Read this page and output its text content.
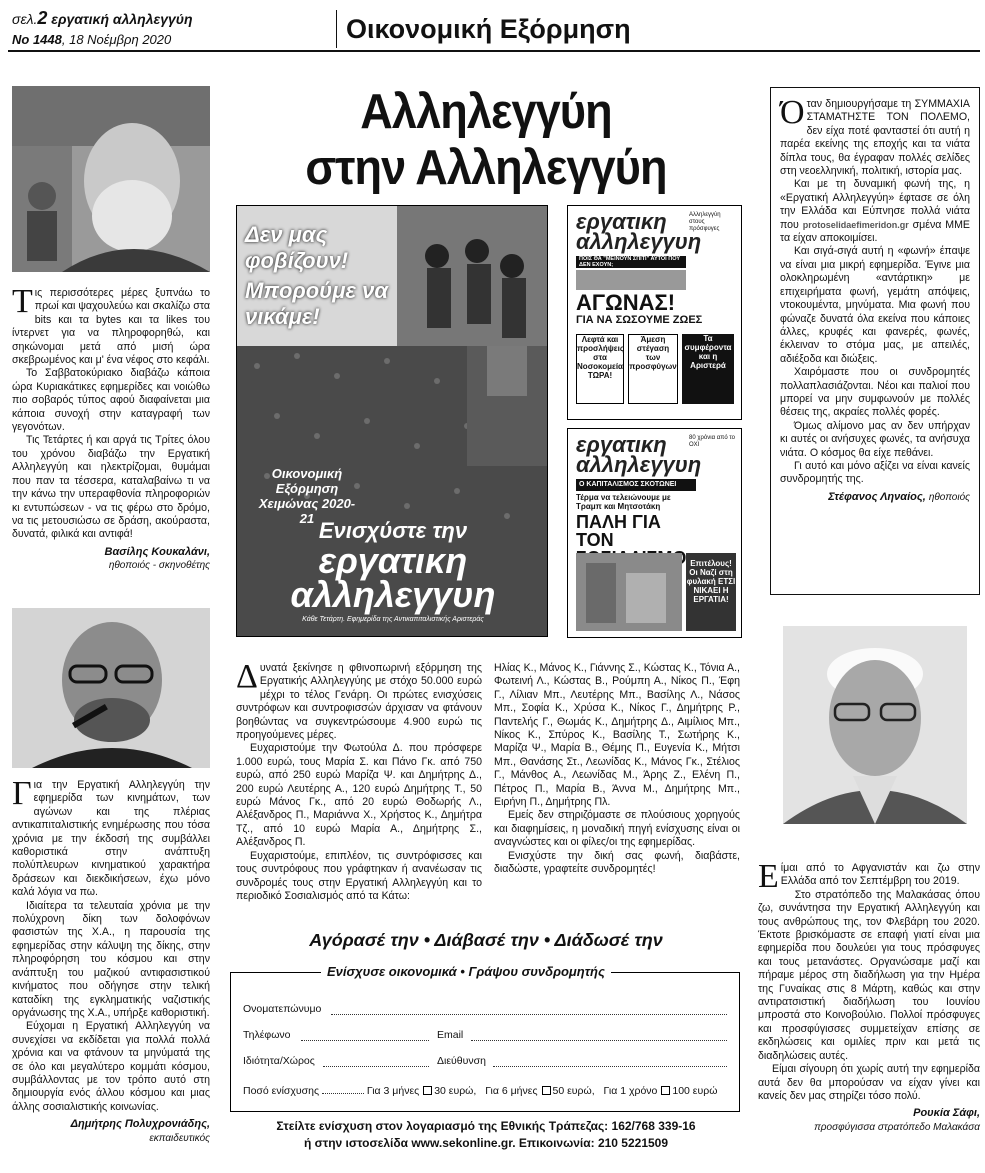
σελ.2 εργατική αλληλεγγύη
Νο 1448, 18 Νοέμβρη 2020	Οικονομική Εξόρμηση

Τις περισσότερες μέρες ξυπνάω το πρωί και ψαχουλεύω και σκαλίζω στα bits και τα bytes και τα likes του ίντερνετ για να πληροφορηθώ, και σηκώνομαι μετά από μισή ώρα σκεβρωμένος και μ' ένα νέφος στο κεφάλι.

Το Σαββατοκύριακο διαβάζω κάποια ώρα Κυριακάτικες εφημερίδες και νοιώθω πιο σοβαρός τύπος αφού διαφαίνεται μια κάποια συνοχή στην καταγραφή των γεγονότων.

Τις Τετάρτες ή και αργά τις Τρίτες όλου του χρόνου διαβάζω την Εργατική Αλληλεγγύη και ηλεκτρίζομαι, θυμάμαι που παν τα τέσσερα, καταλαβαίνω τι να την κάνω την υπεραφθονία πληροφοριών κι εντυπώσεων - να τις φέρω στο δρόμο, να τις μετουσιώσω σε δράση, ακούραστα, δυνατά, φιλικά και αντιφά!

Βασίλης Κουκαλάνι,
ηθοποιός - σκηνοθέτης

Για την Εργατική Αλληλεγγύη την εφημερίδα των κινημάτων, των αγώνων και της πλέριας αντικαπιταλιστικής ενημέρωσης που τόσα χρόνια με την έκδοσή της συμβάλλει καθοριστικά στην ανάπτυξη πολύπλευρων κινηματικού χαρακτήρα δράσεων και διεκδικήσεων, έχω μόνο καλά λόγια να πω.

Ιδιαίτερα τα τελευταία χρόνια με την πολύχρονη δίκη των δολοφόνων φασιστών της Χ.Α., η παρουσία της εφημερίδας στην κάλυψη της δίκης, στην πληροφόρηση του κόσμου και στην ανάπτυξη του μαζικού αντιφασιστικού κινήματος που οδήγησε στην τελική καταδίκη της εγκληματικής ναζιστικής οργάνωσης της Χ.Α., υπήρξε καθοριστική.

Εύχομαι η Εργατική Αλληλεγγύη να συνεχίσει να εκδίδεται για πολλά πολλά χρόνια και να φτάνουν τα μηνύματά της σε όλο και μεγαλύτερο κομμάτι κόσμου, συμβάλλοντας με τον τρόπο αυτό στη δημιουργία ενός άλλου κόσμου και μιας άλλης σοσιαλιστικής κοινωνίας.

Δημήτρης Πολυχρονιάδης,
εκπαιδευτικός
Αλληλεγγύη
στην Αλληλεγγύη
Δεν μας φοβίζουν!
Μπορούμε να νικάμε!
Οικονομική Εξόρμηση Χειμώνας 2020-21 Ενισχύστε την
εργατικη αλληλεγγυη
Κάθε Τετάρτη. Εφημερίδα της Αντικαπιταλιστικής Αριστεράς
εργατικη αλληλεγγυη
Αλληλεγγύη στους πρόσφυγες
ΠΟΙΣ ΘΑ "ΜΕΙΝΟΥΝ ΣΠΙΤΙ" ΑΥΤΟΙ ΠΟΥ ΔΕΝ ΕΧΟΥΝ;
ΑΓΩΝΑΣ!
ΓΙΑ ΝΑ ΣΩΣΟΥΜΕ ΖΩΕΣ
Λεφτά και προσλήψεις στα Νοσοκομεία ΤΩΡΑ!
Άμεση στέγαση των προσφύγων
Τα συμφέροντα και η Αριστερά
εργατικη αλληλεγγυη
80 χρόνια από το ΟΧΙ
Ο ΚΑΠΙΤΑΛΙΣΜΟΣ ΣΚΟΤΩΝΕΙ
Τέρμα να τελειώνουμε με Τραμπ και Μητσοτάκη
ΠΑΛΗ ΓΙΑ ΤΟΝ
Επιτέλους! Οι Ναζί στη φυλακή ΕΤΣΙ ΝΙΚΑΕΙ Η ΕΡΓΑΤΙΑ!

Δυνατά ξεκίνησε η φθινοπωρινή εξόρμηση της Εργατικής Αλληλεγγύης με στόχο 50.000 ευρώ μέχρι το τέλος Γενάρη. Οι πρώτες ενισχύσεις συντρόφων και συντροφισσών άρχισαν να φτάνουν βοηθώντας να συγκεντρώσουμε 4.900 ευρώ τις προηγούμενες μέρες.

Ευχαριστούμε την Φωτούλα Δ. που πρόσφερε 1.000 ευρώ, τους Μαρία Σ. και Πάνο Γκ. από 750 ευρώ, από 250 ευρώ Μαρίζα Ψ. και Δημήτρης Δ., 200 ευρώ Λευτέρης Α., 120 ευρώ Δημήτρης Τ., 50 ευρώ Μάνος Γκ., από 20 ευρώ Θοδωρής Λ., Αλέξανδρος Π., Μαριάννα Χ., Χρήστος Κ., Δημήτρα Τζ., από 10 ευρώ Μαρία Α., Δημήτρης Σ., Αλέξανδρος Π.

Ευχαριστούμε, επιπλέον, τις συντρόφισσες και τους συντρόφους που γράφτηκαν ή ανανέωσαν τις συνδρομές τους στην Εργατική Αλληλεγγύη και το περιοδικό Σοσιαλισμός από τα Κάτω:

Ηλίας Κ., Μάνος Κ., Γιάννης Σ., Κώστας Κ., Τόνια Α., Φωτεινή Λ., Κώστας Β., Ρούμπη Α., Νίκος Π., Έφη Γ., Λίλιαν Μπ., Λευτέρης Μπ., Βασίλης Λ., Νάσος Μπ., Σοφία Κ., Χρύσα Κ., Νίκος Γ., Δημήτρης Ρ., Παντελής Γ., Θωμάς Κ., Δημήτρης Δ., Αιμίλιος Μπ., Νίκος Κ., Σπύρος Κ., Βασίλης Τ., Σωτήρης Κ., Μαρίζα Ψ., Μαρία Β., Θέμης Π., Ευγενία Κ., Μήτσι Μπ., Θανάσης Στ., Λεωνίδας Κ., Μάνος Γκ., Στέλιος Γ., Μάνθος Α., Λεωνίδας Μ., Άρης Ζ., Ελένη Π., Πέτρος Π., Μαρία Β., Άννα Μ., Δημήτρης Μπ., Ειρήνη Π., Δημήτρης Πλ.

Εμείς δεν στηριζόμαστε σε πλούσιους χορηγούς και διαφημίσεις, η μοναδική πηγή ενίσχυσης είναι οι αναγνώστες και οι φίλες/οι της εφημερίδας.

Ενισχύστε την δική σας φωνή, διαβάστε, διαδώστε, γραφτείτε συνδρομητές!

Αγόρασέ την • Διάβασέ την • Διάδωσέ την
Ενίσχυσε οικονομικά • Γράψου συνδρομητής
Ονοματεπώνυμο
Τηλέφωνο	Email
Ιδιότητα/Χώρος	Διεύθυνση
Ποσό ενίσχυσης	Για 3 μήνες 30 ευρώ, Για 6 μήνες 50 ευρώ, Για 1 χρόνο 100 ευρώ
Στείλτε ενίσχυση στον λογαριασμό της Εθνικής Τράπεζας: 162/768 339-16
ή στην ιστοσελίδα www.sekonline.gr. Επικοινωνία: 210 5221509

Όταν δημιουργήσαμε τη ΣΥΜΜΑΧΙΑ ΣΤΑΜΑΤΗΣΤΕ ΤΟΝ ΠΟΛΕΜΟ, δεν είχα ποτέ φανταστεί ότι αυτή η παρέα εκείνης της εποχής και τα νιάτα δίπλα τους, θα έγραφαν πολλές σελίδες στη νεοελληνική, πολιτική, ιστορία μας.

Και με τη δυναμική φωνή της, η «Εργατική Αλληλεγγύη» έφτασε σε όλη την Ελλάδα και Εύπνησε πολλά νιάτα που protoselidaefimeridon.gr σμένα ΜΜΕ τα είχαν αποκοιμίσει.

Και σιγά-σιγά αυτή η «φωνή» έπαψε να είναι μια μικρή εφημερίδα. Έγινε μια ολοκληρωμένη «αντάρτικη» με επιχειρήματα φωνή, γεμάτη απόψεις, ντοκουμέντα, μηνύματα. Μια φωνή που φώναζε δυνατά όλα εκείνα που κάποιες άλλες, κρυφές και φανερές, φωνές, έκλειναν το στόμα μας, με απειλές, αδιέξοδα και διώξεις.

Χαιρόμαστε που οι συνδρομητές πολλαπλασιάζονται. Νέοι και παλιοί που μπορεί να μην συμφωνούν με πολλές θέσεις της, ακραίες πολλές φορές.

Όμως αλίμονο μας αν δεν υπήρχαν κι αυτές οι ανήσυχες φωνές, τα ανήσυχα νιάτα. Ο κόσμος θα είχε πεθάνει.

Γι αυτό και μόνο αξίζει να είναι κανείς συνδρομητής της.

Στέφανος Ληναίος, ηθοποιός

Είμαι από το Αφγανιστάν και ζω στην Ελλάδα από τον Σεπτέμβρη του 2019.

Στο στρατόπεδο της Μαλακάσας όπου ζω, συνάντησα την Εργατική Αλληλεγγύη και τους ανθρώπους της, τον Φλεβάρη του 2020. Έκτοτε βρισκόμαστε σε επαφή γιατί είναι μια εφημερίδα που δουλεύει για τους πρόσφυγες και τους μετανάστες. Οργανώσαμε μαζί και πήραμε μέρος στη διαδήλωση για την Ημέρα της Γυναίκας στις 8 Μάρτη, καθώς και στην αντιρατσιστική διαδήλωση του Ιουνίου μπροστά στο Κοινοβούλιο. Πολλοί πρόσφυγες και προσφύγισσες συμμετείχαν επίσης σε εκδηλώσεις και ομιλίες πριν και μετά τις διαδηλώσεις αυτές.

Είμαι σίγουρη ότι χωρίς αυτή την εφημερίδα αυτά δεν θα μπορούσαν να είχαν γίνει και κανείς δεν μας στηρίζει τόσο πολύ.

Ρουκία Σάφι,
προσφύγισσα στρατόπεδο Μαλακάσα
